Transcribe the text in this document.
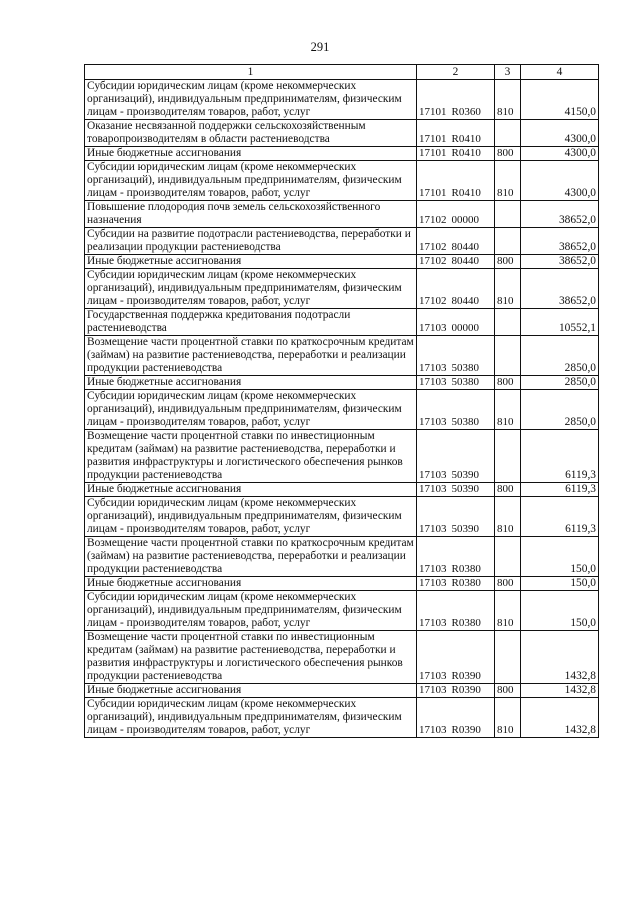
291
1	2	3	4
Субсидии юридическим лицам (кроме некоммерческих организаций), индивидуальным предпринимателям, физическим лицам - производителям товаров, работ, услуг	17101 R0360	810	4150,0
Оказание несвязанной поддержки сельскохозяйственным товаропроизводителям в области растениеводства	17101 R0410		4300,0
Иные бюджетные ассигнования	17101 R0410	800	4300,0
Субсидии юридическим лицам (кроме некоммерческих организаций), индивидуальным предпринимателям, физическим лицам - производителям товаров, работ, услуг	17101 R0410	810	4300,0
Повышение плодородия почв земель сельскохозяйственного назначения	17102 00000		38652,0
Субсидии на развитие подотрасли растениеводства, переработки и реализации продукции растениеводства	17102 80440		38652,0
Иные бюджетные ассигнования	17102 80440	800	38652,0
Субсидии юридическим лицам (кроме некоммерческих организаций), индивидуальным предпринимателям, физическим лицам - производителям товаров, работ, услуг	17102 80440	810	38652,0
Государственная поддержка кредитования подотрасли растениеводства	17103 00000		10552,1
Возмещение части процентной ставки по краткосрочным кредитам (займам) на развитие растениеводства, переработки и реализации продукции растениеводства	17103 50380		2850,0
Иные бюджетные ассигнования	17103 50380	800	2850,0
Субсидии юридическим лицам (кроме некоммерческих организаций), индивидуальным предпринимателям, физическим лицам - производителям товаров, работ, услуг	17103 50380	810	2850,0
Возмещение части процентной ставки по инвестиционным кредитам (займам) на развитие растениеводства, переработки и развития инфраструктуры и логистического обеспечения рынков продукции растениеводства	17103 50390		6119,3
Иные бюджетные ассигнования	17103 50390	800	6119,3
Субсидии юридическим лицам (кроме некоммерческих организаций), индивидуальным предпринимателям, физическим лицам - производителям товаров, работ, услуг	17103 50390	810	6119,3
Возмещение части процентной ставки по краткосрочным кредитам (займам) на развитие растениеводства, переработки и реализации продукции растениеводства	17103 R0380		150,0
Иные бюджетные ассигнования	17103 R0380	800	150,0
Субсидии юридическим лицам (кроме некоммерческих организаций), индивидуальным предпринимателям, физическим лицам - производителям товаров, работ, услуг	17103 R0380	810	150,0
Возмещение части процентной ставки по инвестиционным кредитам (займам) на развитие растениеводства, переработки и развития инфраструктуры и логистического обеспечения рынков продукции растениеводства	17103 R0390		1432,8
Иные бюджетные ассигнования	17103 R0390	800	1432,8
Субсидии юридическим лицам (кроме некоммерческих организаций), индивидуальным предпринимателям, физическим лицам - производителям товаров, работ, услуг	17103 R0390	810	1432,8
